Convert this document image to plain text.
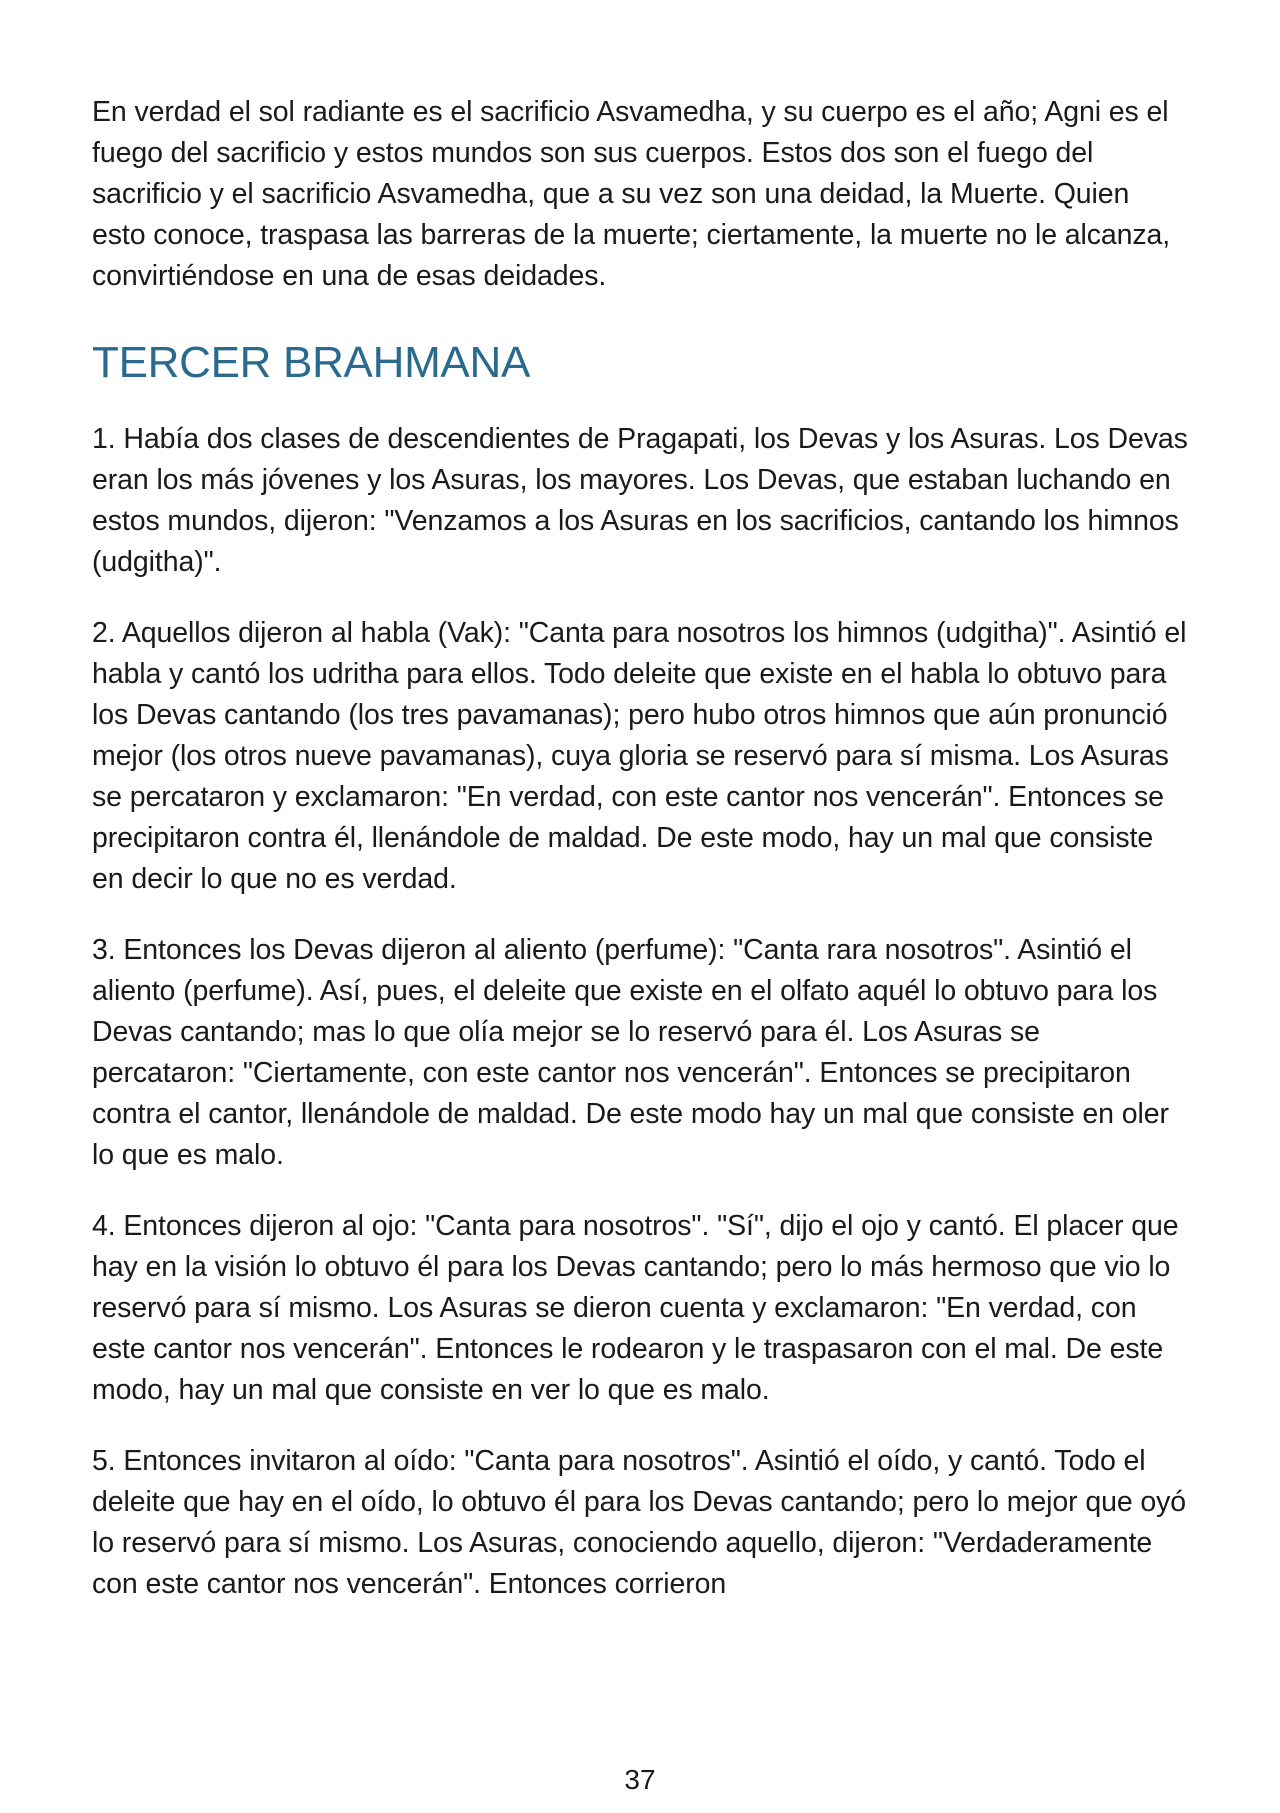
En verdad el sol radiante es el sacrificio Asvamedha, y su cuerpo es el año; Agni es el fuego del sacrificio y estos mundos son sus cuerpos. Estos dos son el fuego del sacrificio y el sacrificio Asvamedha, que a su vez son una deidad, la Muerte. Quien esto conoce, traspasa las barreras de la muerte; ciertamente, la muerte no le alcanza, convirtiéndose en una de esas deidades.

TERCER BRAHMANA

1. Había dos clases de descendientes de Pragapati, los Devas y los Asuras. Los Devas eran los más jóvenes y los Asuras, los mayores. Los Devas, que estaban luchando en estos mundos, dijeron: "Venzamos a los Asuras en los sacrificios, cantando los himnos (udgitha)".

2. Aquellos dijeron al habla (Vak): "Canta para nosotros los himnos (udgitha)". Asintió el habla y cantó los udritha para ellos. Todo deleite que existe en el habla lo obtuvo para los Devas cantando (los tres pavamanas); pero hubo otros himnos que aún pronunció mejor (los otros nueve pavamanas), cuya gloria se reservó para sí misma. Los Asuras se percataron y exclamaron: "En verdad, con este cantor nos vencerán". Entonces se precipitaron contra él, llenándole de maldad. De este modo, hay un mal que consiste en decir lo que no es verdad.

3. Entonces los Devas dijeron al aliento (perfume): "Canta rara nosotros". Asintió el aliento (perfume). Así, pues, el deleite que existe en el olfato aquél lo obtuvo para los Devas cantando; mas lo que olía mejor se lo reservó para él. Los Asuras se percataron: "Ciertamente, con este cantor nos vencerán". Entonces se precipitaron contra el cantor, llenándole de maldad. De este modo hay un mal que consiste en oler lo que es malo.

4. Entonces dijeron al ojo: "Canta para nosotros". "Sí", dijo el ojo y cantó. El placer que hay en la visión lo obtuvo él para los Devas cantando; pero lo más hermoso que vio lo reservó para sí mismo. Los Asuras se dieron cuenta y exclamaron: "En verdad, con este cantor nos vencerán". Entonces le rodearon y le traspasaron con el mal. De este modo, hay un mal que consiste en ver lo que es malo.

5. Entonces invitaron al oído: "Canta para nosotros". Asintió el oído, y cantó. Todo el deleite que hay en el oído, lo obtuvo él para los Devas cantando; pero lo mejor que oyó lo reservó para sí mismo. Los Asuras, conociendo aquello, dijeron: "Verdaderamente con este cantor nos vencerán". Entonces corrieron

37
